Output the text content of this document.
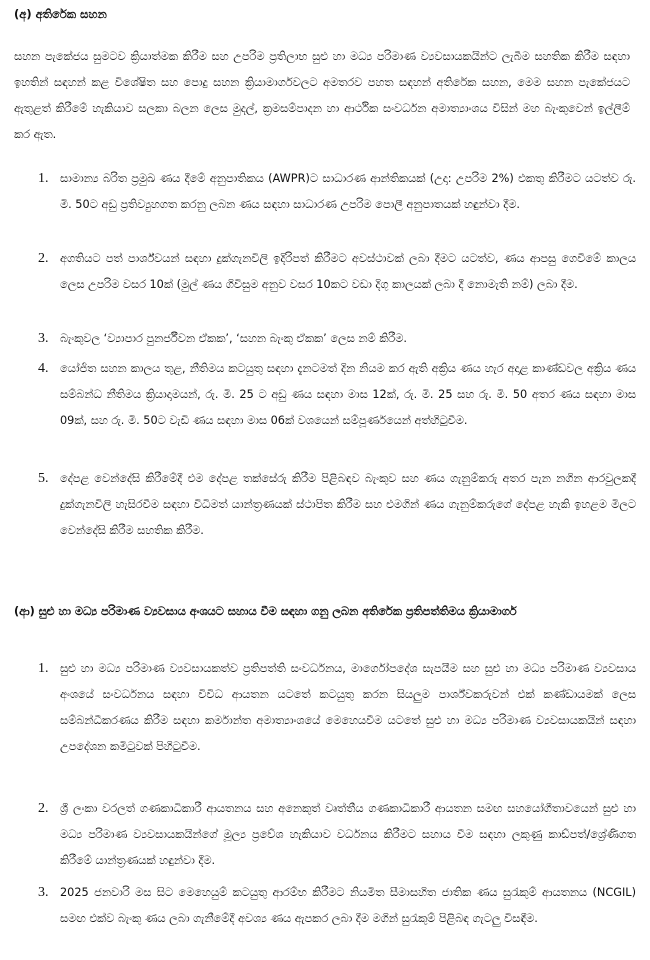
(අ) අතිරේක සහන
සහන පැකේජය සුමටව ක්‍රියාත්මක කිරීම සහ උපරිම ප්‍රතිලාභ සුළු හා මධ්‍ය පරිමාණ ව්‍යවසායකයින්ට ලැබීම සහතික කිරීම සඳහා ඉහතින් සඳහන් කළ විශේෂිත සහ පොදු සහන ක්‍රියාමාර්ගවලට අමතරව පහත සඳහන් අතිරේක සහන, මෙම සහන පැකේජයට ඇතුළත් කිරීමේ හැකියාව සලකා බලන ලෙස මුදල්, ක්‍රමසම්පාදන හා ආර්ථික සංවර්ධන අමාත්‍යාංශය විසින් මහ බැංකුවෙන් ඉල්ලීම් කර ඇත.
1.	සාමාන්‍ය බරිත ප්‍රමුඛ ණය දීමේ අනුපාතිකය (AWPR)ට සාධාරණ ආන්තිකයක් (උදා: උපරිම 2%) එකතු කිරීමට යටත්ව රු. මි. 50ට අඩු ප්‍රතිව්‍යුහගත කරනු ලබන ණය සඳහා සාධාරණ උපරිම පොලී අනුපාතයක් හඳුන්වා දීම.
2.	අගතියට පත් පාර්ශ්වයන් සඳහා දුක්ගැනවිලි ඉදිරිපත් කිරීමට අවස්ථාවක් ලබා දීමට යටත්ව, ණය ආපසු ගෙවීමේ කාලය ලෙස උපරිම වසර 10ක් (මුල් ණය ගිවිසුම අනුව වසර 10කට වඩා දිගු කාලයක් ලබා දී නොමැති නම්) ලබා දීම.
3.	බැංකුවල ‘ව්‍යාපාර පුනර්ජීවන ඒකක’, ‘සහන බැංකු ඒකක’ ලෙස නම් කිරීම.
4.	යෝජිත සහන කාලය තුළ, නීතිමය කටයුතු සඳහා දැනටමත් දින නියම කර ඇති අක්‍රිය ණය හැර අදාළ කාණ්ඩවල අක්‍රිය ණය සම්බන්ධ නීතිමය ක්‍රියාදාමයන්, රු. මි. 25 ට අඩු ණය සඳහා මාස 12ක්, රු. මි. 25 සහ රු. මි. 50 අතර ණය සඳහා මාස 09ක්, සහ රු. මි. 50ට වැඩි ණය සඳහා මාස 06ක් වශයෙන් සම්පූර්ණයෙන් අත්හිටුවීම.
5.	දේපළ වෙන්දේසි කිරීමේදී එම දේපළ තක්සේරු කිරීම පිළිබඳව බැංකුව සහ ණය ගැනුම්කරු අතර පැන නගින ආරවුලකදී දුක්ගැනවිලි හැසිරවීම සඳහා විධිමත් යාන්ත්‍රණයක් ස්ථාපිත කිරීම සහ එමගින් ණය ගැනුම්කරුගේ දේපළ හැකි ඉහළම මිලට වෙන්දේසි කිරීම සහතික කිරීම.
(ආ) සුළු හා මධ්‍ය පරිමාණ ව්‍යවසාය අංශයට සහාය වීම සඳහා ගනු ලබන අතිරේක ප්‍රතිපත්තිමය ක්‍රියාමාර්ග
1.	සුළු හා මධ්‍ය පරිමාණ ව්‍යවසායකත්ව ප්‍රතිපත්ති සංවර්ධනය, මාර්ගෝපදේශ සැපයීම සහ සුළු හා මධ්‍ය පරිමාණ ව්‍යවසාය අංශයේ සංවර්ධනය සඳහා විවිධ ආයතන යටතේ කටයුතු කරන සියලුම පාර්ශ්වකරුවන් එක් කණ්ඩායමක් ලෙස සම්බන්ධීකරණය කිරීම සඳහා කර්මාන්ත අමාත්‍යාංශයේ මෙහෙයවීම යටතේ සුළු හා මධ්‍ය පරිමාණ ව්‍යවසායකයින් සඳහා උපදේශන කමිටුවක් පිහිටුවීම.
2.	ශ්‍රී ලංකා වරලත් ගණකාධිකාරී ආයතනය සහ අනෙකුත් වෘත්තීය ගණකාධිකාරී ආයතන සමඟ සහයෝගීතාවයෙන් සුළු හා මධ්‍ය පරිමාණ ව්‍යවසායකයින්ගේ මූල්‍ය ප්‍රවේශ හැකියාව වර්ධනය කිරීමට සහාය වීම සඳහා ලකුණු කාඩ්පත්/ශ්‍රේණිගත කිරීමේ යාන්ත්‍රණයක් හඳුන්වා දීම.
3.	2025 ජනවාරි මස සිට මෙහෙයුම් කටයුතු ආරම්භ කිරීමට නියමිත සීමාසහිත ජාතික ණය සුරැකුම් ආයතනය (NCGIL) සමඟ එක්ව බැංකු ණය ලබා ගැනීමේදී අවශ්‍ය ණය ඇපකර ලබා දීම මගින් සුරැකුම් පිළිබඳ ගැටලු විසඳීම.
